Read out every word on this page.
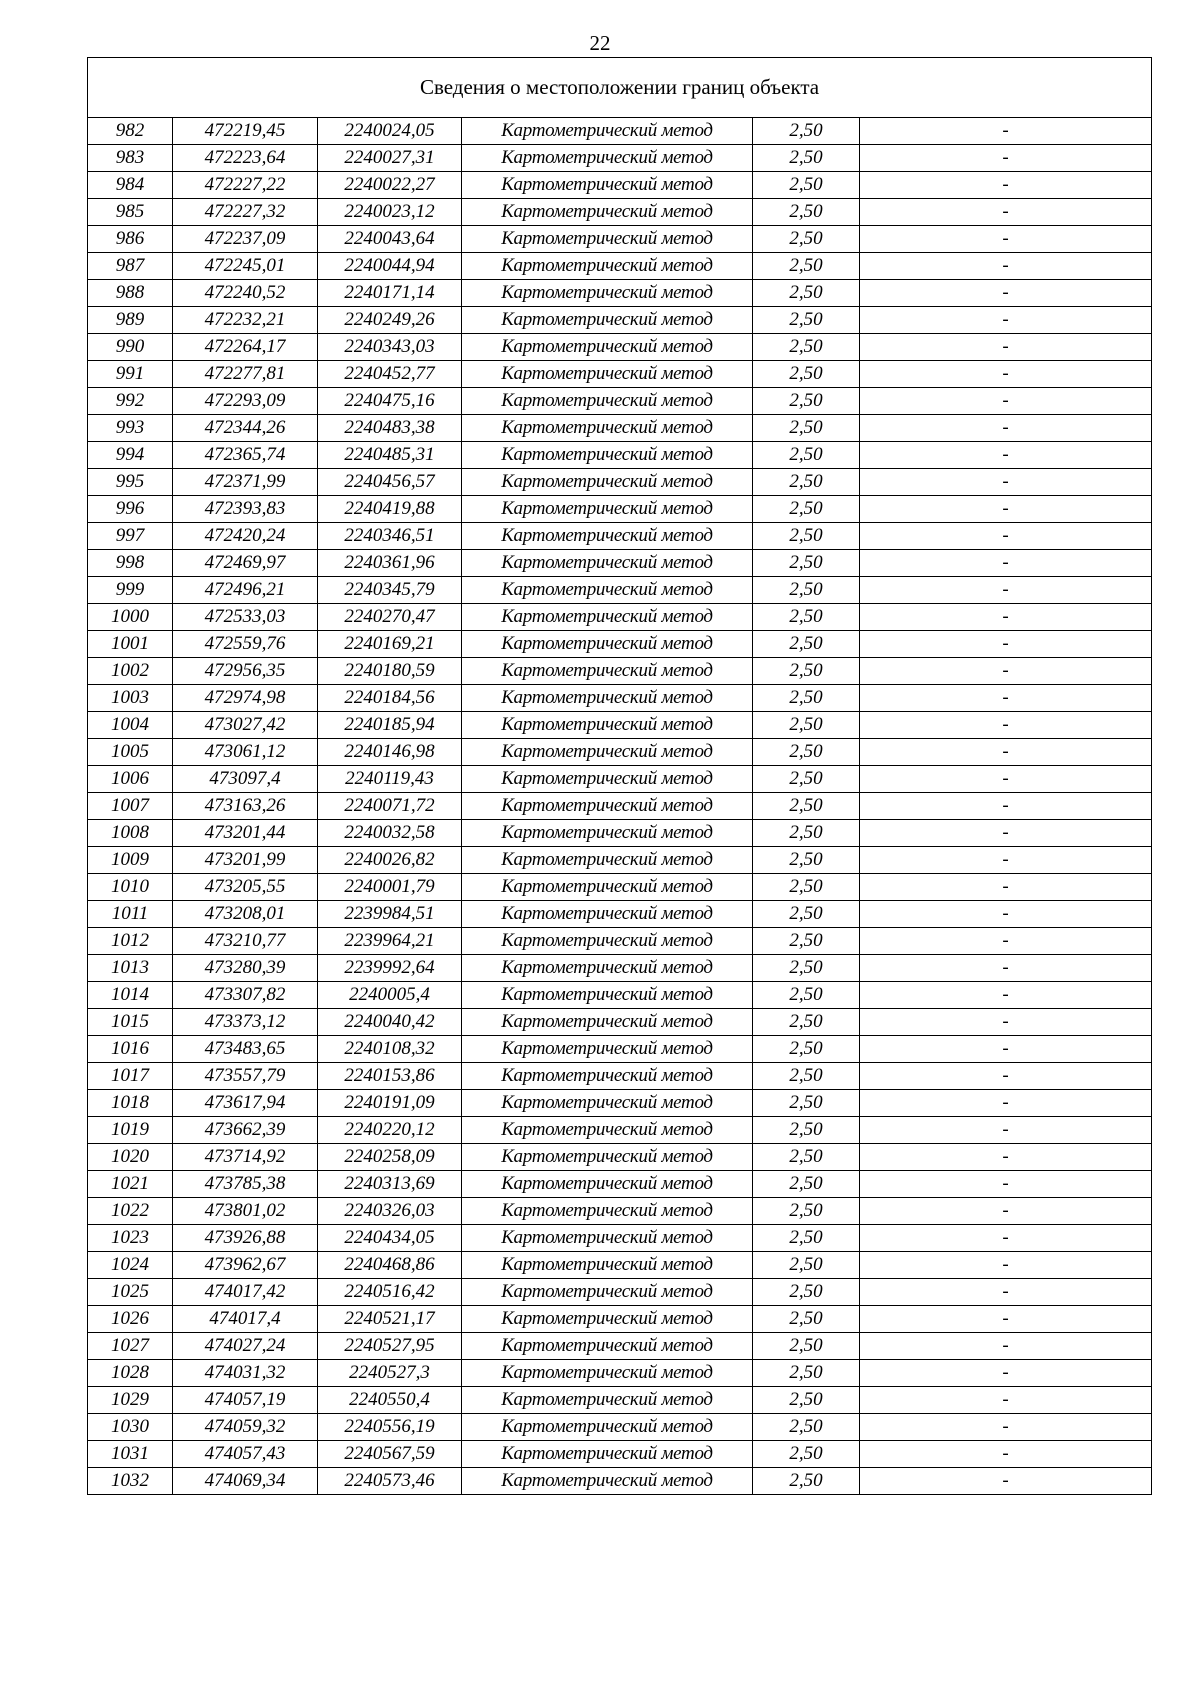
22
Сведения о местоположении границ объекта					
982	472219,45	2240024,05	Картометрический метод	2,50	-
983	472223,64	2240027,31	Картометрический метод	2,50	-
984	472227,22	2240022,27	Картометрический метод	2,50	-
985	472227,32	2240023,12	Картометрический метод	2,50	-
986	472237,09	2240043,64	Картометрический метод	2,50	-
987	472245,01	2240044,94	Картометрический метод	2,50	-
988	472240,52	2240171,14	Картометрический метод	2,50	-
989	472232,21	2240249,26	Картометрический метод	2,50	-
990	472264,17	2240343,03	Картометрический метод	2,50	-
991	472277,81	2240452,77	Картометрический метод	2,50	-
992	472293,09	2240475,16	Картометрический метод	2,50	-
993	472344,26	2240483,38	Картометрический метод	2,50	-
994	472365,74	2240485,31	Картометрический метод	2,50	-
995	472371,99	2240456,57	Картометрический метод	2,50	-
996	472393,83	2240419,88	Картометрический метод	2,50	-
997	472420,24	2240346,51	Картометрический метод	2,50	-
998	472469,97	2240361,96	Картометрический метод	2,50	-
999	472496,21	2240345,79	Картометрический метод	2,50	-
1000	472533,03	2240270,47	Картометрический метод	2,50	-
1001	472559,76	2240169,21	Картометрический метод	2,50	-
1002	472956,35	2240180,59	Картометрический метод	2,50	-
1003	472974,98	2240184,56	Картометрический метод	2,50	-
1004	473027,42	2240185,94	Картометрический метод	2,50	-
1005	473061,12	2240146,98	Картометрический метод	2,50	-
1006	473097,4	2240119,43	Картометрический метод	2,50	-
1007	473163,26	2240071,72	Картометрический метод	2,50	-
1008	473201,44	2240032,58	Картометрический метод	2,50	-
1009	473201,99	2240026,82	Картометрический метод	2,50	-
1010	473205,55	2240001,79	Картометрический метод	2,50	-
1011	473208,01	2239984,51	Картометрический метод	2,50	-
1012	473210,77	2239964,21	Картометрический метод	2,50	-
1013	473280,39	2239992,64	Картометрический метод	2,50	-
1014	473307,82	2240005,4	Картометрический метод	2,50	-
1015	473373,12	2240040,42	Картометрический метод	2,50	-
1016	473483,65	2240108,32	Картометрический метод	2,50	-
1017	473557,79	2240153,86	Картометрический метод	2,50	-
1018	473617,94	2240191,09	Картометрический метод	2,50	-
1019	473662,39	2240220,12	Картометрический метод	2,50	-
1020	473714,92	2240258,09	Картометрический метод	2,50	-
1021	473785,38	2240313,69	Картометрический метод	2,50	-
1022	473801,02	2240326,03	Картометрический метод	2,50	-
1023	473926,88	2240434,05	Картометрический метод	2,50	-
1024	473962,67	2240468,86	Картометрический метод	2,50	-
1025	474017,42	2240516,42	Картометрический метод	2,50	-
1026	474017,4	2240521,17	Картометрический метод	2,50	-
1027	474027,24	2240527,95	Картометрический метод	2,50	-
1028	474031,32	2240527,3	Картометрический метод	2,50	-
1029	474057,19	2240550,4	Картометрический метод	2,50	-
1030	474059,32	2240556,19	Картометрический метод	2,50	-
1031	474057,43	2240567,59	Картометрический метод	2,50	-
1032	474069,34	2240573,46	Картометрический метод	2,50	-
